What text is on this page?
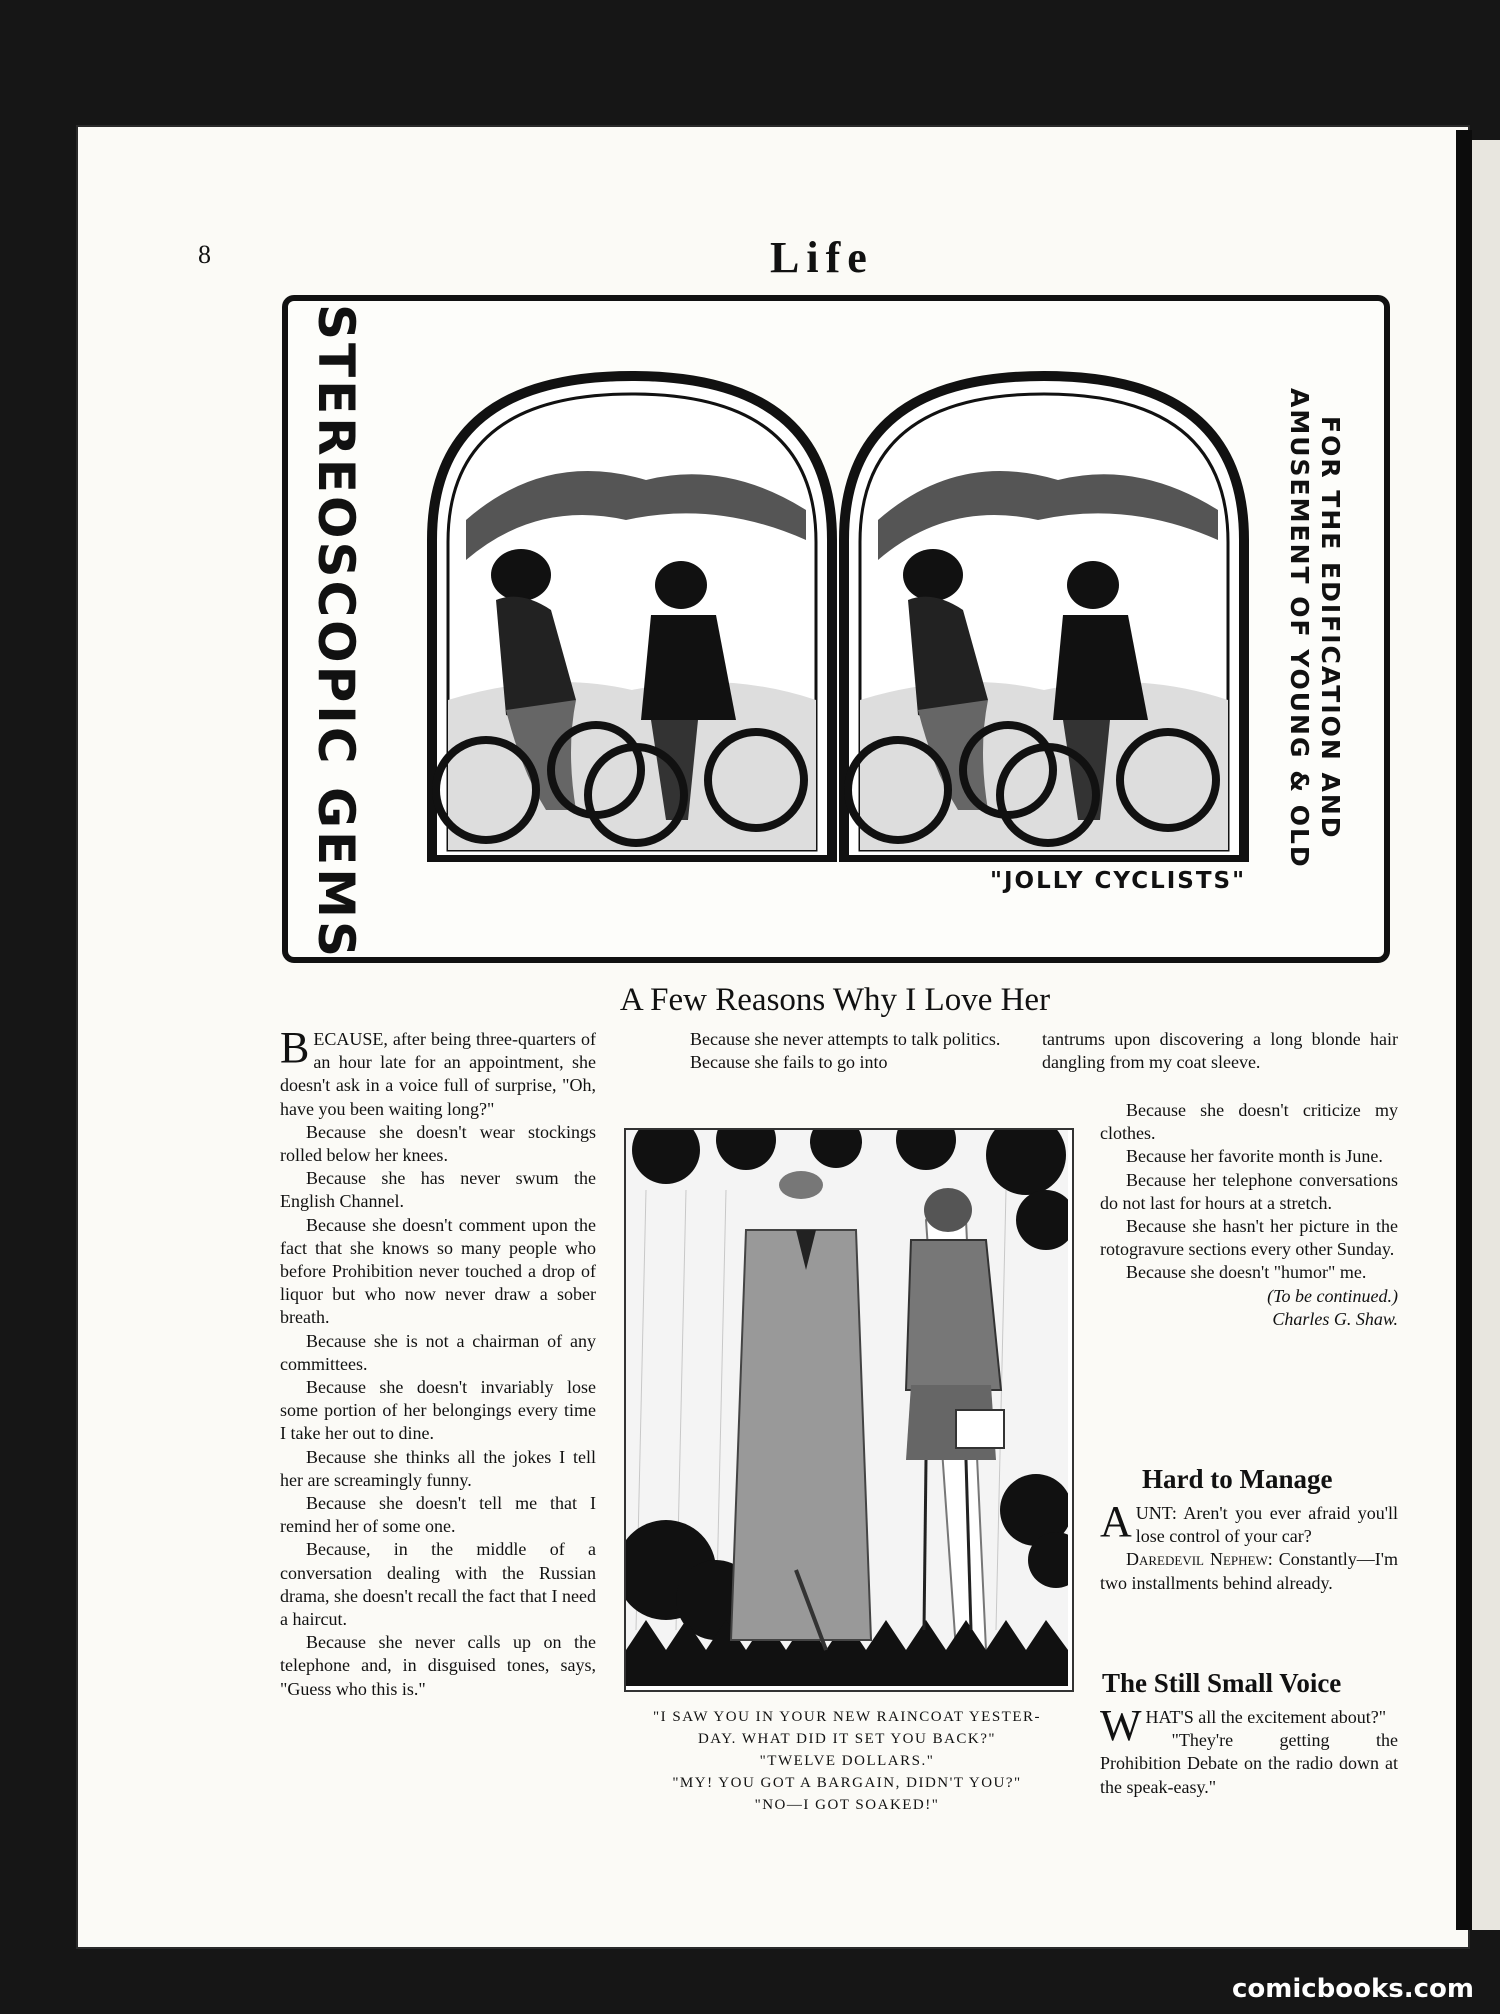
8	Life
STEREOSCOPIC GEMS	FOR THE EDIFICATION AND
AMUSEMENT OF YOUNG & OLD
"JOLLY CYCLISTS"
A Few Reasons Why I Love Her

BECAUSE, after being three-quarters of an hour late for an appointment, she doesn't ask in a voice full of surprise, "Oh, have you been waiting long?"

Because she doesn't wear stockings rolled below her knees.

Because she has never swum the English Channel.

Because she doesn't comment upon the fact that she knows so many people who before Prohibition never touched a drop of liquor but who now never draw a sober breath.

Because she is not a chairman of any committees.

Because she doesn't invariably lose some portion of her belongings every time I take her out to dine.

Because she thinks all the jokes I tell her are screamingly funny.

Because she doesn't tell me that I remind her of some one.

Because, in the middle of a conversation dealing with the Russian drama, she doesn't recall the fact that I need a haircut.

Because she never calls up on the telephone and, in disguised tones, says, "Guess who this is."

Because she never attempts to talk politics.

Because she fails to go into

tantrums upon discovering a long blonde hair dangling from my coat sleeve.

Because she doesn't criticize my clothes.

Because her favorite month is June.

Because her telephone conversations do not last for hours at a stretch.

Because she hasn't her picture in the rotogravure sections every other Sunday.

Because she doesn't "humor" me.

(To be continued.)

Charles G. Shaw.

"I SAW YOU IN YOUR NEW RAINCOAT YESTER-
DAY. WHAT DID IT SET YOU BACK?"
"TWELVE DOLLARS."
"MY! YOU GOT A BARGAIN, DIDN'T YOU?"
"NO—I GOT SOAKED!"
Hard to Manage

AUNT: Aren't you ever afraid you'll lose control of your car?

Daredevil Nephew: Constantly—I'm two installments behind already.

The Still Small Voice

WHAT'S all the excitement about?"

"They're getting the Prohibition Debate on the radio down at the speak-easy."

comicbooks.com
